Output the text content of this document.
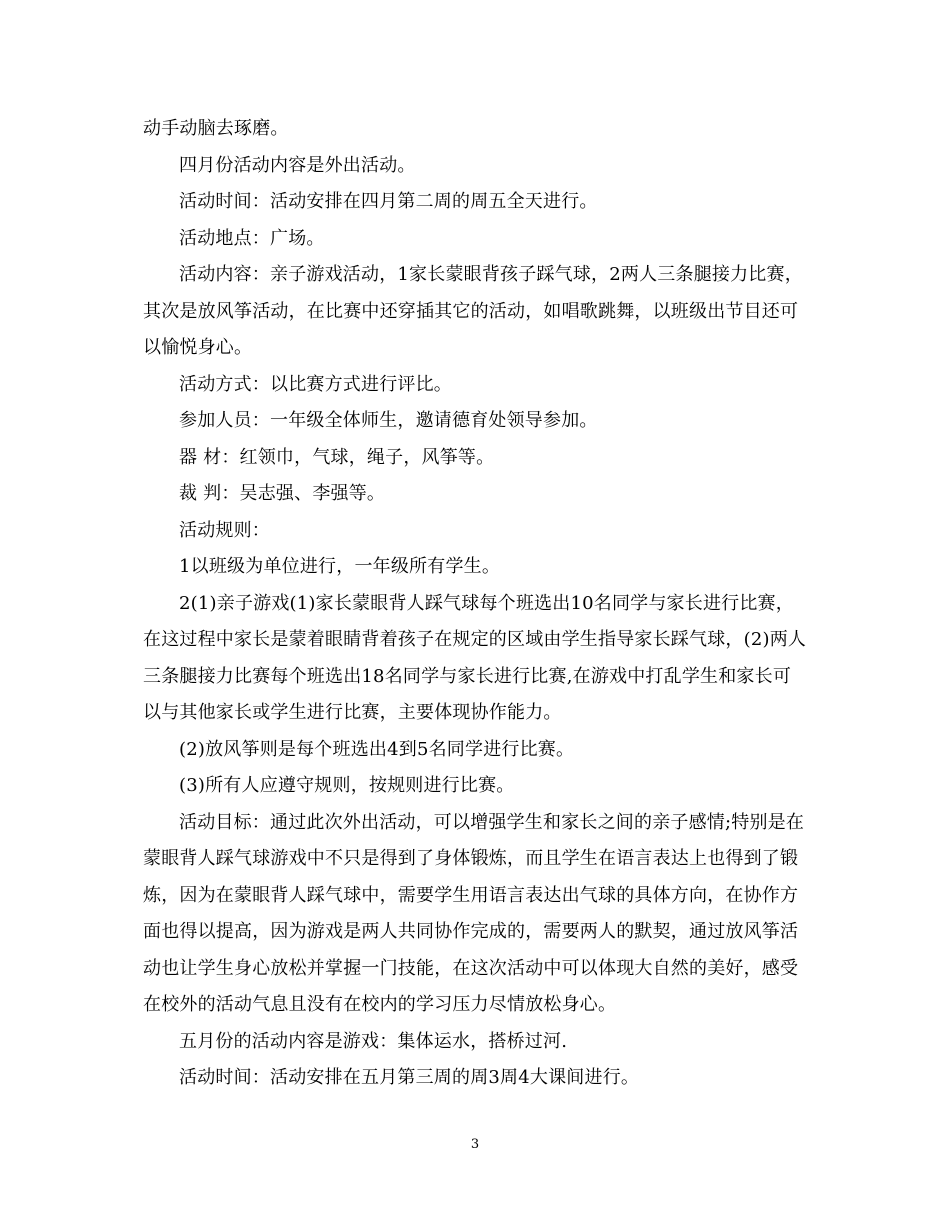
动手动脑去琢磨。

四月份活动内容是外出活动。

活动时间：活动安排在四月第二周的周五全天进行。

活动地点：广场。

活动内容：亲子游戏活动，1家长蒙眼背孩子踩气球，2两人三条腿接力比赛，其次是放风筝活动，在比赛中还穿插其它的活动，如唱歌跳舞，以班级出节目还可以愉悦身心。

活动方式：以比赛方式进行评比。

参加人员：一年级全体师生，邀请德育处领导参加。

器 材：红领巾，气球，绳子，风筝等。

裁 判：吴志强、李强等。

活动规则：

1以班级为单位进行，一年级所有学生。

2(1)亲子游戏(1)家长蒙眼背人踩气球每个班选出10名同学与家长进行比赛，在这过程中家长是蒙着眼睛背着孩子在规定的区域由学生指导家长踩气球，(2)两人三条腿接力比赛每个班选出18名同学与家长进行比赛,在游戏中打乱学生和家长可以与其他家长或学生进行比赛，主要体现协作能力。

(2)放风筝则是每个班选出4到5名同学进行比赛。

(3)所有人应遵守规则，按规则进行比赛。

活动目标：通过此次外出活动，可以增强学生和家长之间的亲子感情;特别是在蒙眼背人踩气球游戏中不只是得到了身体锻炼，而且学生在语言表达上也得到了锻炼，因为在蒙眼背人踩气球中，需要学生用语言表达出气球的具体方向，在协作方面也得以提高，因为游戏是两人共同协作完成的，需要两人的默契，通过放风筝活动也让学生身心放松并掌握一门技能，在这次活动中可以体现大自然的美好，感受在校外的活动气息且没有在校内的学习压力尽情放松身心。

五月份的活动内容是游戏：集体运水，搭桥过河.

活动时间：活动安排在五月第三周的周3周4大课间进行。

3
